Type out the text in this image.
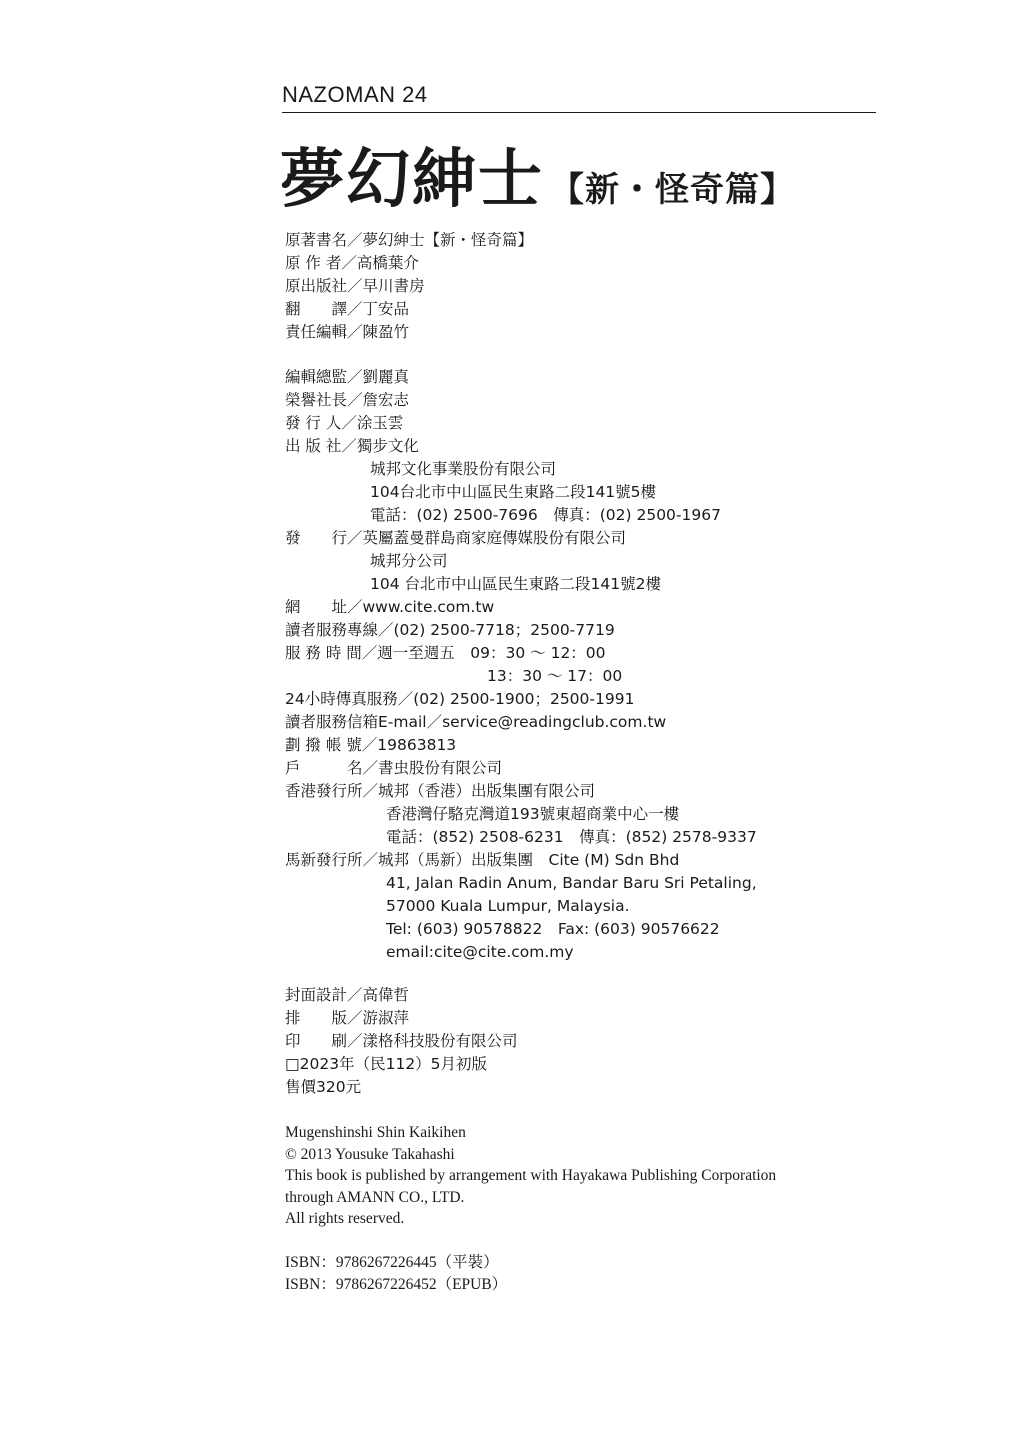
NAZOMAN 24
夢幻紳士 【新・怪奇篇】
原著書名／夢幻紳士【新・怪奇篇】
原 作 者／高橋葉介
原出版社／早川書房
翻　　譯／丁安品
責任編輯／陳盈竹
編輯總監／劉麗真
榮譽社長／詹宏志
發 行 人／涂玉雲
出 版 社／獨步文化
城邦文化事業股份有限公司
104台北市中山區民生東路二段141號5樓
電話：(02) 2500-7696　傳真：(02) 2500-1967
發　　行／英屬蓋曼群島商家庭傳媒股份有限公司
城邦分公司
104 台北市中山區民生東路二段141號2樓
網　　址／www.cite.com.tw
讀者服務專線／(02) 2500-7718；2500-7719
服 務 時 間／週一至週五　09：30 ～ 12：00
13：30 ～ 17：00
24小時傳真服務／(02) 2500-1900；2500-1991
讀者服務信箱E-mail／service@readingclub.com.tw
劃 撥 帳 號／19863813
戶　　　名／書虫股份有限公司
香港發行所／城邦（香港）出版集團有限公司
香港灣仔駱克灣道193號東超商業中心一樓
電話：(852) 2508-6231　傳真：(852) 2578-9337
馬新發行所／城邦（馬新）出版集團　Cite (M) Sdn Bhd
41, Jalan Radin Anum, Bandar Baru Sri Petaling,
57000 Kuala Lumpur, Malaysia.
Tel: (603) 90578822　Fax: (603) 90576622
email:cite@cite.com.my
封面設計／高偉哲
排　　版／游淑萍
印　　刷／漾格科技股份有限公司
□2023年（民112）5月初版
售價320元
Mugenshinshi Shin Kaikihen
© 2013 Yousuke Takahashi
This book is published by arrangement with Hayakawa Publishing Corporation
through AMANN CO., LTD.
All rights reserved.
ISBN：9786267226445（平裝）
ISBN：9786267226452（EPUB）
